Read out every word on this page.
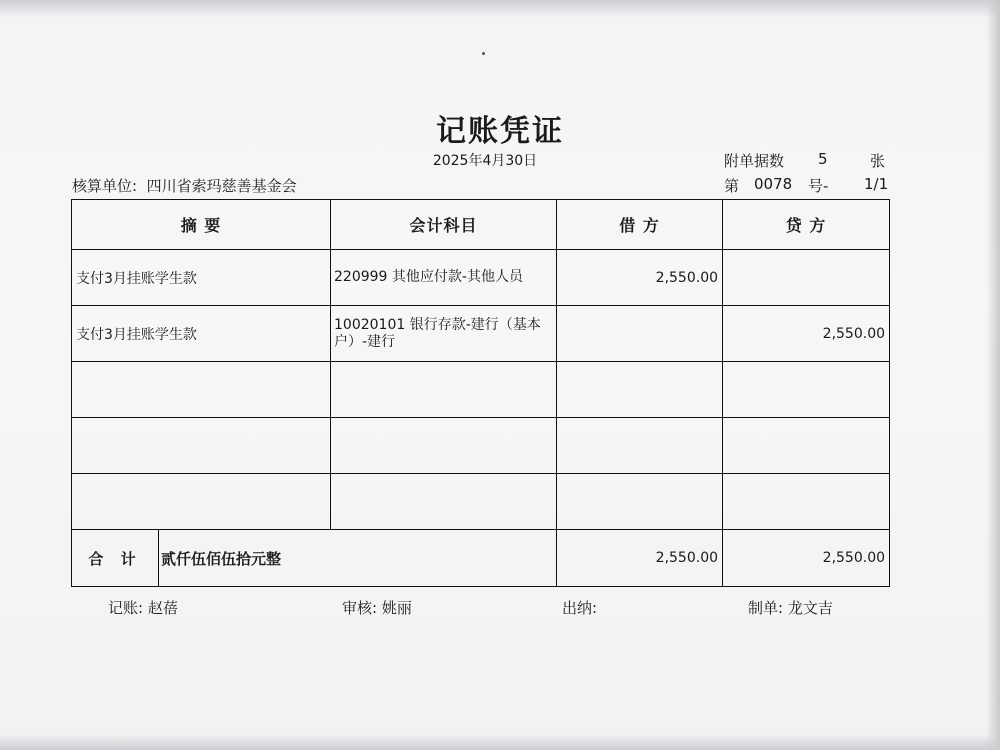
记账凭证
2025年4月30日	附单据数 5	张
核算单位: 四川省索玛慈善基金会	第 0078 号- 1/1
摘 要		会计科目	借 方	贷 方
支付3月挂账学生款		220999 其他应付款-其他人员	2,550.00	
支付3月挂账学生款		10020101 银行存款-建行（基本户）-建行		2,550.00

合 计	贰仟伍佰伍拾元整		2,550.00	2,550.00
记账: 赵蓓	审核: 姚丽	出纳:	制单: 龙文吉
